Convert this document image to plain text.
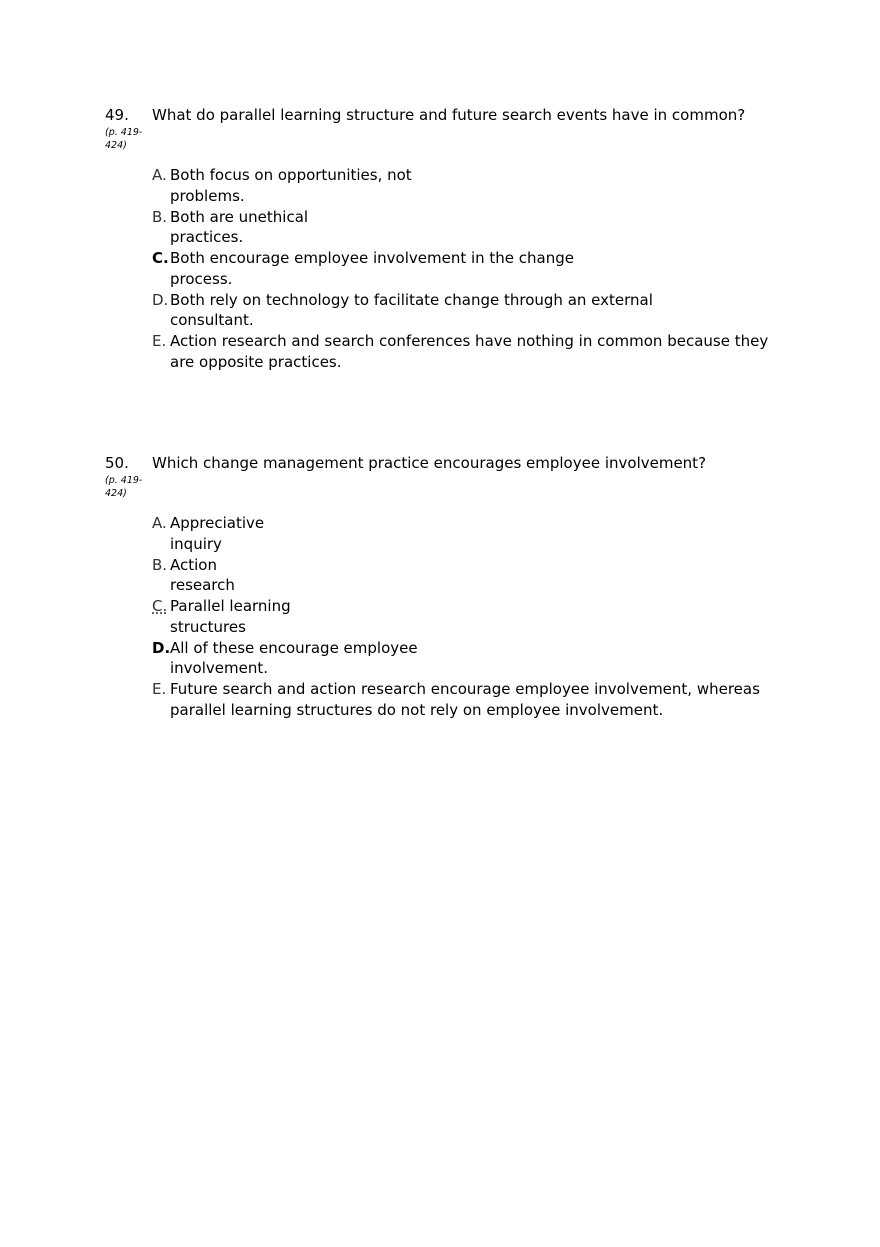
49.
(p. 419-424)
What do parallel learning structure and future search events have in common?
A. Both focus on opportunities, not
problems.
B. Both are unethical
practices.
C. Both encourage employee involvement in the change
process.
D. Both rely on technology to facilitate change through an external
consultant.
E. Action research and search conferences have nothing in common because they
are opposite practices.
50.
(p. 419-424)
Which change management practice encourages employee involvement?
A. Appreciative
inquiry
B. Action
research
C. Parallel learning
structures
D. All of these encourage employee
involvement.
E. Future search and action research encourage employee involvement, whereas
parallel learning structures do not rely on employee involvement.
